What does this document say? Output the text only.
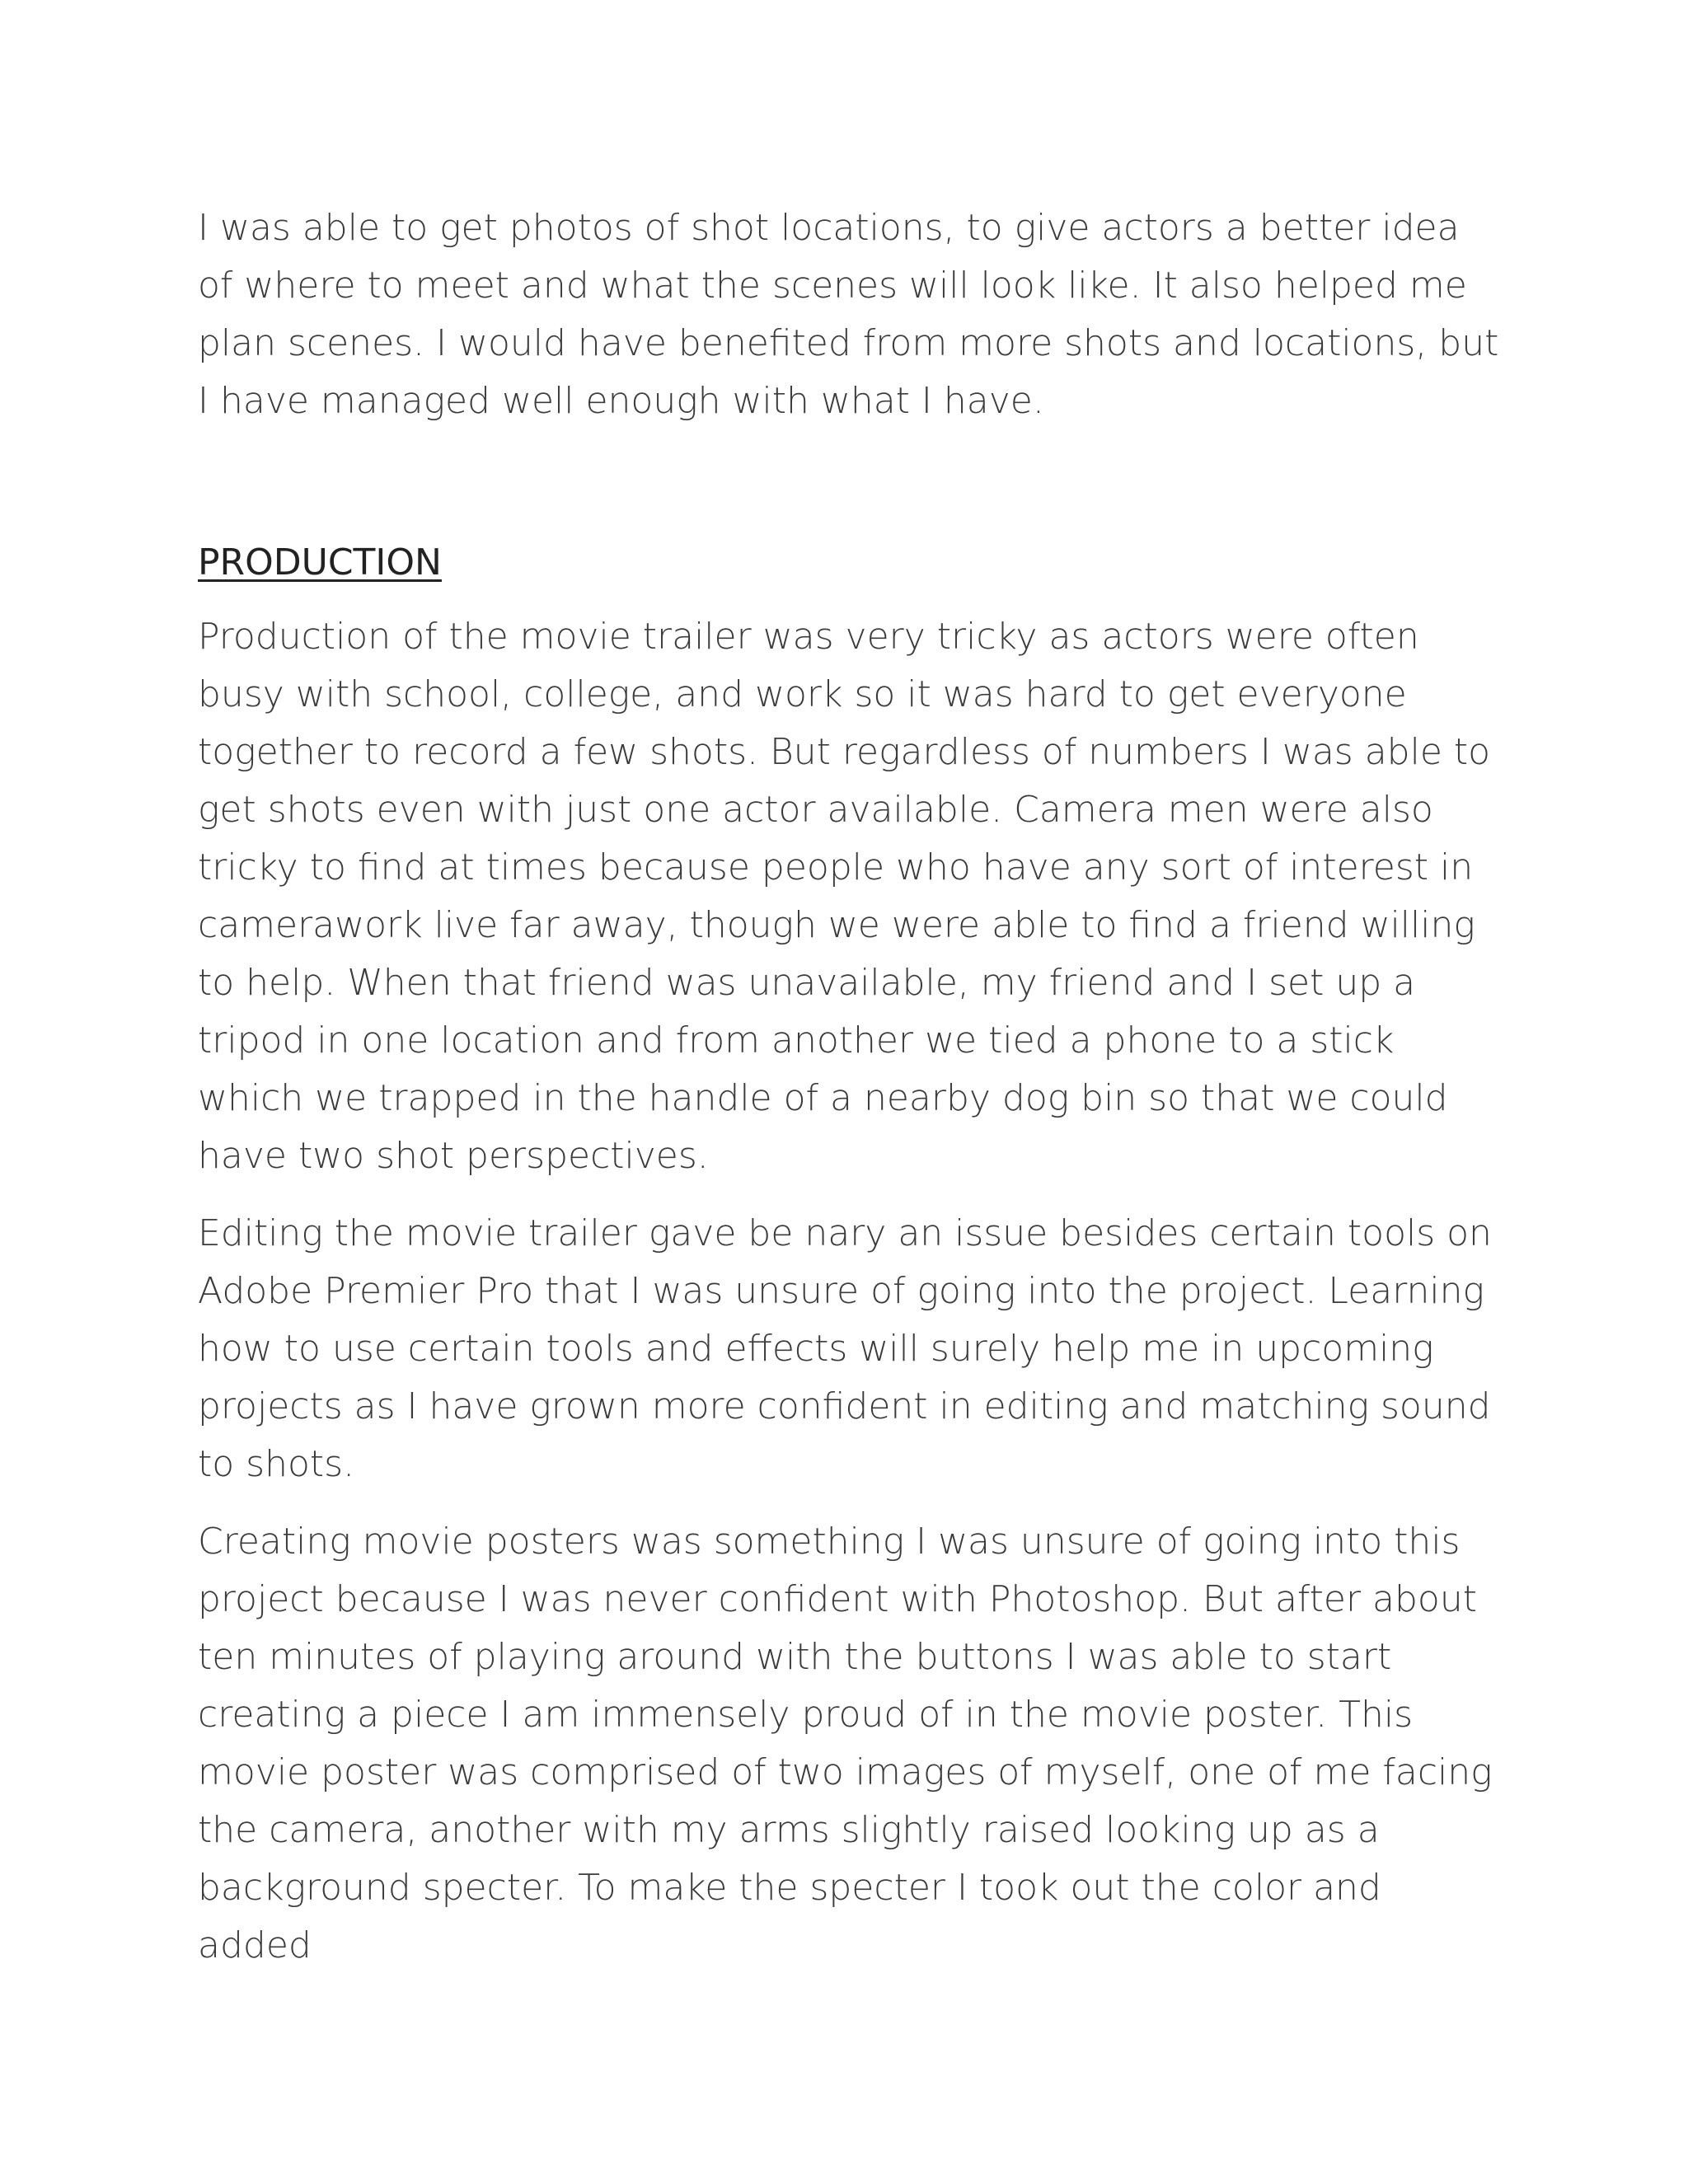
I was able to get photos of shot locations, to give actors a better idea of where to meet and what the scenes will look like. It also helped me plan scenes. I would have benefited from more shots and locations, but I have managed well enough with what I have.

PRODUCTION

Production of the movie trailer was very tricky as actors were often busy with school, college, and work so it was hard to get everyone together to record a few shots. But regardless of numbers I was able to get shots even with just one actor available. Camera men were also tricky to find at times because people who have any sort of interest in camerawork live far away, though we were able to find a friend willing to help. When that friend was unavailable, my friend and I set up a tripod in one location and from another we tied a phone to a stick which we trapped in the handle of a nearby dog bin so that we could have two shot perspectives.

Editing the movie trailer gave be nary an issue besides certain tools on Adobe Premier Pro that I was unsure of going into the project. Learning how to use certain tools and effects will surely help me in upcoming projects as I have grown more confident in editing and matching sound to shots.

Creating movie posters was something I was unsure of going into this project because I was never confident with Photoshop. But after about ten minutes of playing around with the buttons I was able to start creating a piece I am immensely proud of in the movie poster. This movie poster was comprised of two images of myself, one of me facing the camera, another with my arms slightly raised looking up as a background specter. To make the specter I took out the color and added
